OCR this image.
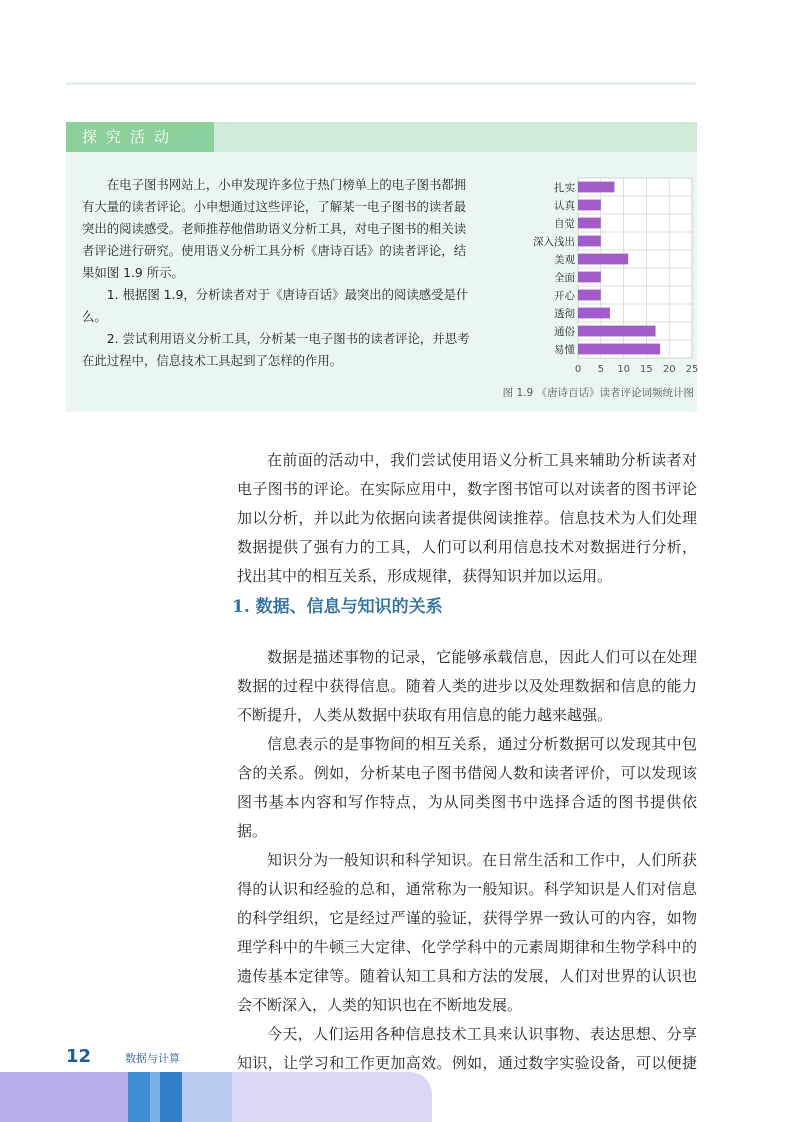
探究活动

在电子图书网站上，小申发现许多位于热门榜单上的电子图书都拥有大量的读者评论。小申想通过这些评论，了解某一电子图书的读者最突出的阅读感受。老师推荐他借助语义分析工具，对电子图书的相关读者评论进行研究。使用语义分析工具分析《唐诗百话》的读者评论，结果如图 1.9 所示。

1. 根据图 1.9，分析读者对于《唐诗百话》最突出的阅读感受是什么。

2. 尝试利用语义分析工具，分析某一电子图书的读者评论，并思考在此过程中，信息技术工具起到了怎样的作用。

扎实
认真
自觉
深入浅出
美观
全面
开心
透彻
通俗
易懂
0 5 10 15 20 25
图 1.9 《唐诗百话》读者评论词频统计图

在前面的活动中，我们尝试使用语义分析工具来辅助分析读者对电子图书的评论。在实际应用中，数字图书馆可以对读者的图书评论加以分析，并以此为依据向读者提供阅读推荐。信息技术为人们处理数据提供了强有力的工具，人们可以利用信息技术对数据进行分析，找出其中的相互关系，形成规律，获得知识并加以运用。

1. 数据、信息与知识的关系

数据是描述事物的记录，它能够承载信息，因此人们可以在处理数据的过程中获得信息。随着人类的进步以及处理数据和信息的能力不断提升，人类从数据中获取有用信息的能力越来越强。

信息表示的是事物间的相互关系，通过分析数据可以发现其中包含的关系。例如，分析某电子图书借阅人数和读者评价，可以发现该图书基本内容和写作特点，为从同类图书中选择合适的图书提供依据。

知识分为一般知识和科学知识。在日常生活和工作中，人们所获得的认识和经验的总和，通常称为一般知识。科学知识是人们对信息的科学组织，它是经过严谨的验证，获得学界一致认可的内容，如物理学科中的牛顿三大定律、化学学科中的元素周期律和生物学科中的遗传基本定律等。随着认知工具和方法的发展，人们对世界的认识也会不断深入，人类的知识也在不断地发展。

今天，人们运用各种信息技术工具来认识事物、表达思想、分享知识，让学习和工作更加高效。例如，通过数字实验设备，可以便捷

12	数据与计算
